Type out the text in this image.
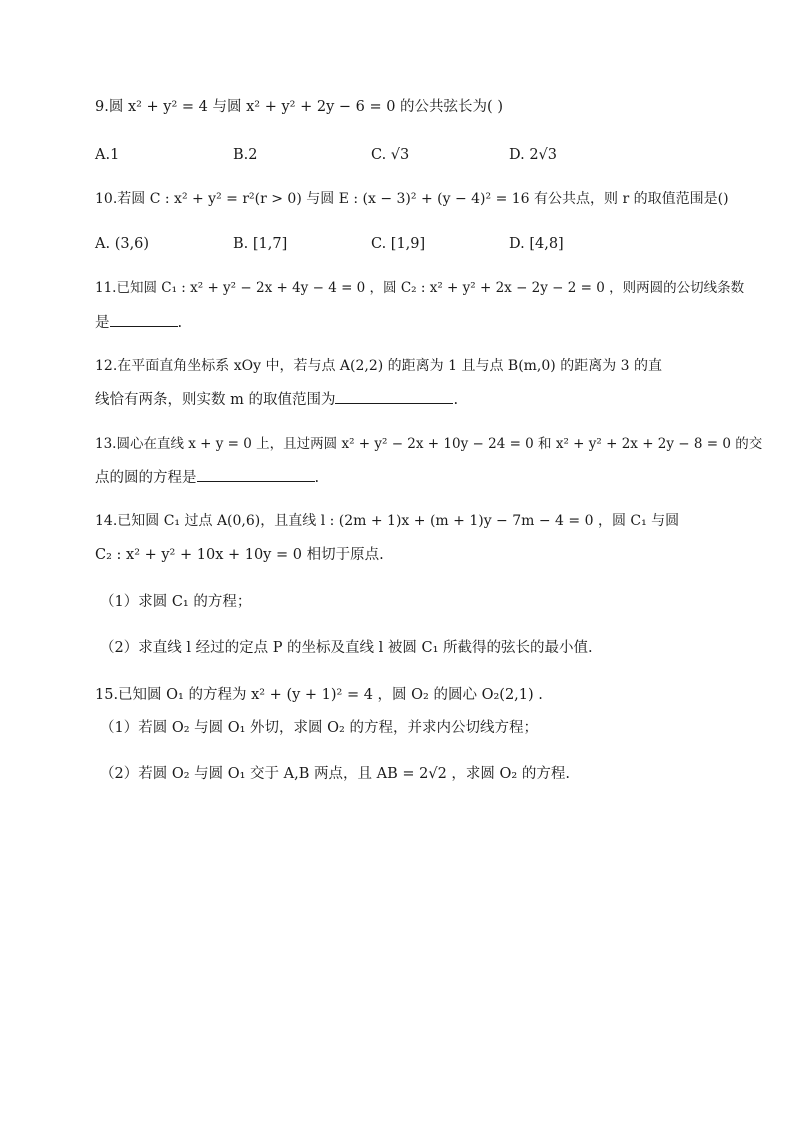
9.圆 x² + y² = 4 与圆 x² + y² + 2y − 6 = 0 的公共弦长为( )
A.1	B.2	C. √3	D. 2√3
10.若圆 C : x² + y² = r²(r > 0) 与圆 E : (x − 3)² + (y − 4)² = 16 有公共点，则 r 的取值范围是()
A. (3,6)	B. [1,7]	C. [1,9]	D. [4,8]
11.已知圆 C₁ : x² + y² − 2x + 4y − 4 = 0 ，圆 C₂ : x² + y² + 2x − 2y − 2 = 0 ，则两圆的公切线条数
是	.
12.在平面直角坐标系 xOy 中，若与点 A(2,2) 的距离为 1 且与点 B(m,0) 的距离为 3 的直
线恰有两条，则实数 m 的取值范围为	.
13.圆心在直线 x + y = 0 上，且过两圆 x² + y² − 2x + 10y − 24 = 0 和 x² + y² + 2x + 2y − 8 = 0 的交
点的圆的方程是	.
14.已知圆 C₁ 过点 A(0,6)，且直线 l : (2m + 1)x + (m + 1)y − 7m − 4 = 0 ，圆 C₁ 与圆
C₂ : x² + y² + 10x + 10y = 0 相切于原点.
（1）求圆 C₁ 的方程；
（2）求直线 l 经过的定点 P 的坐标及直线 l 被圆 C₁ 所截得的弦长的最小值.
15.已知圆 O₁ 的方程为 x² + (y + 1)² = 4 ，圆 O₂ 的圆心 O₂(2,1) .
（1）若圆 O₂ 与圆 O₁ 外切，求圆 O₂ 的方程，并求内公切线方程；
（2）若圆 O₂ 与圆 O₁ 交于 A,B 两点，且 AB = 2√2 ，求圆 O₂ 的方程.
